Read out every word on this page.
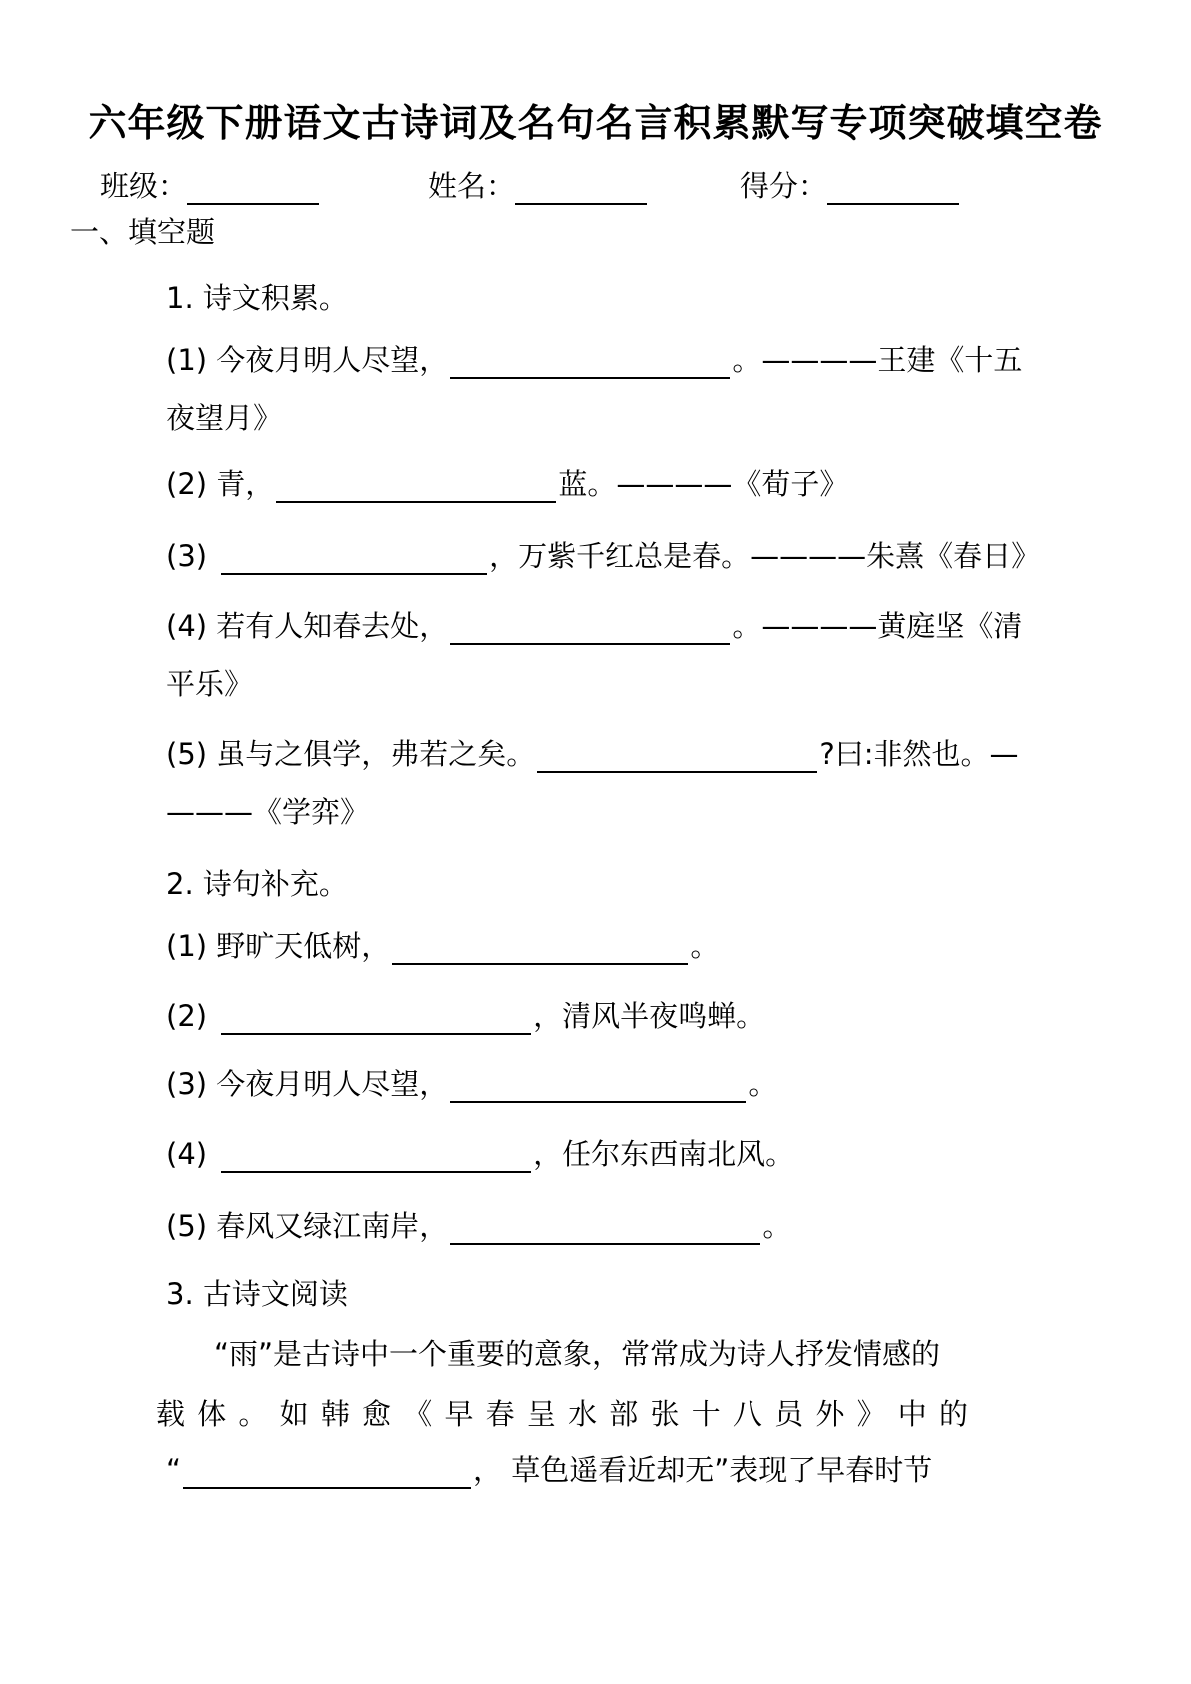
六年级下册语文古诗词及名句名言积累默写专项突破填空卷
班级：	姓名：	得分：
一、填空题
1. 诗文积累。
(1) 今夜月明人尽望，	。————王建《十五
夜望月》
(2) 青，	蓝。————《荀子》
(3)	，万紫千红总是春。————朱熹《春日》
(4) 若有人知春去处，	。————黄庭坚《清
平乐》
(5) 虽与之俱学，弗若之矣。	?曰:非然也。—
———《学弈》
2. 诗句补充。
(1) 野旷天低树，	。
(2)	，清风半夜鸣蝉。
(3) 今夜月明人尽望，	。
(4)	，任尔东西南北风。
(5) 春风又绿江南岸，	。
3. 古诗文阅读
“雨”是古诗中一个重要的意象，常常成为诗人抒发情感的
载体。如韩愈《早春呈水部张十八员外》中的
“	， 草色遥看近却无”表现了早春时节
